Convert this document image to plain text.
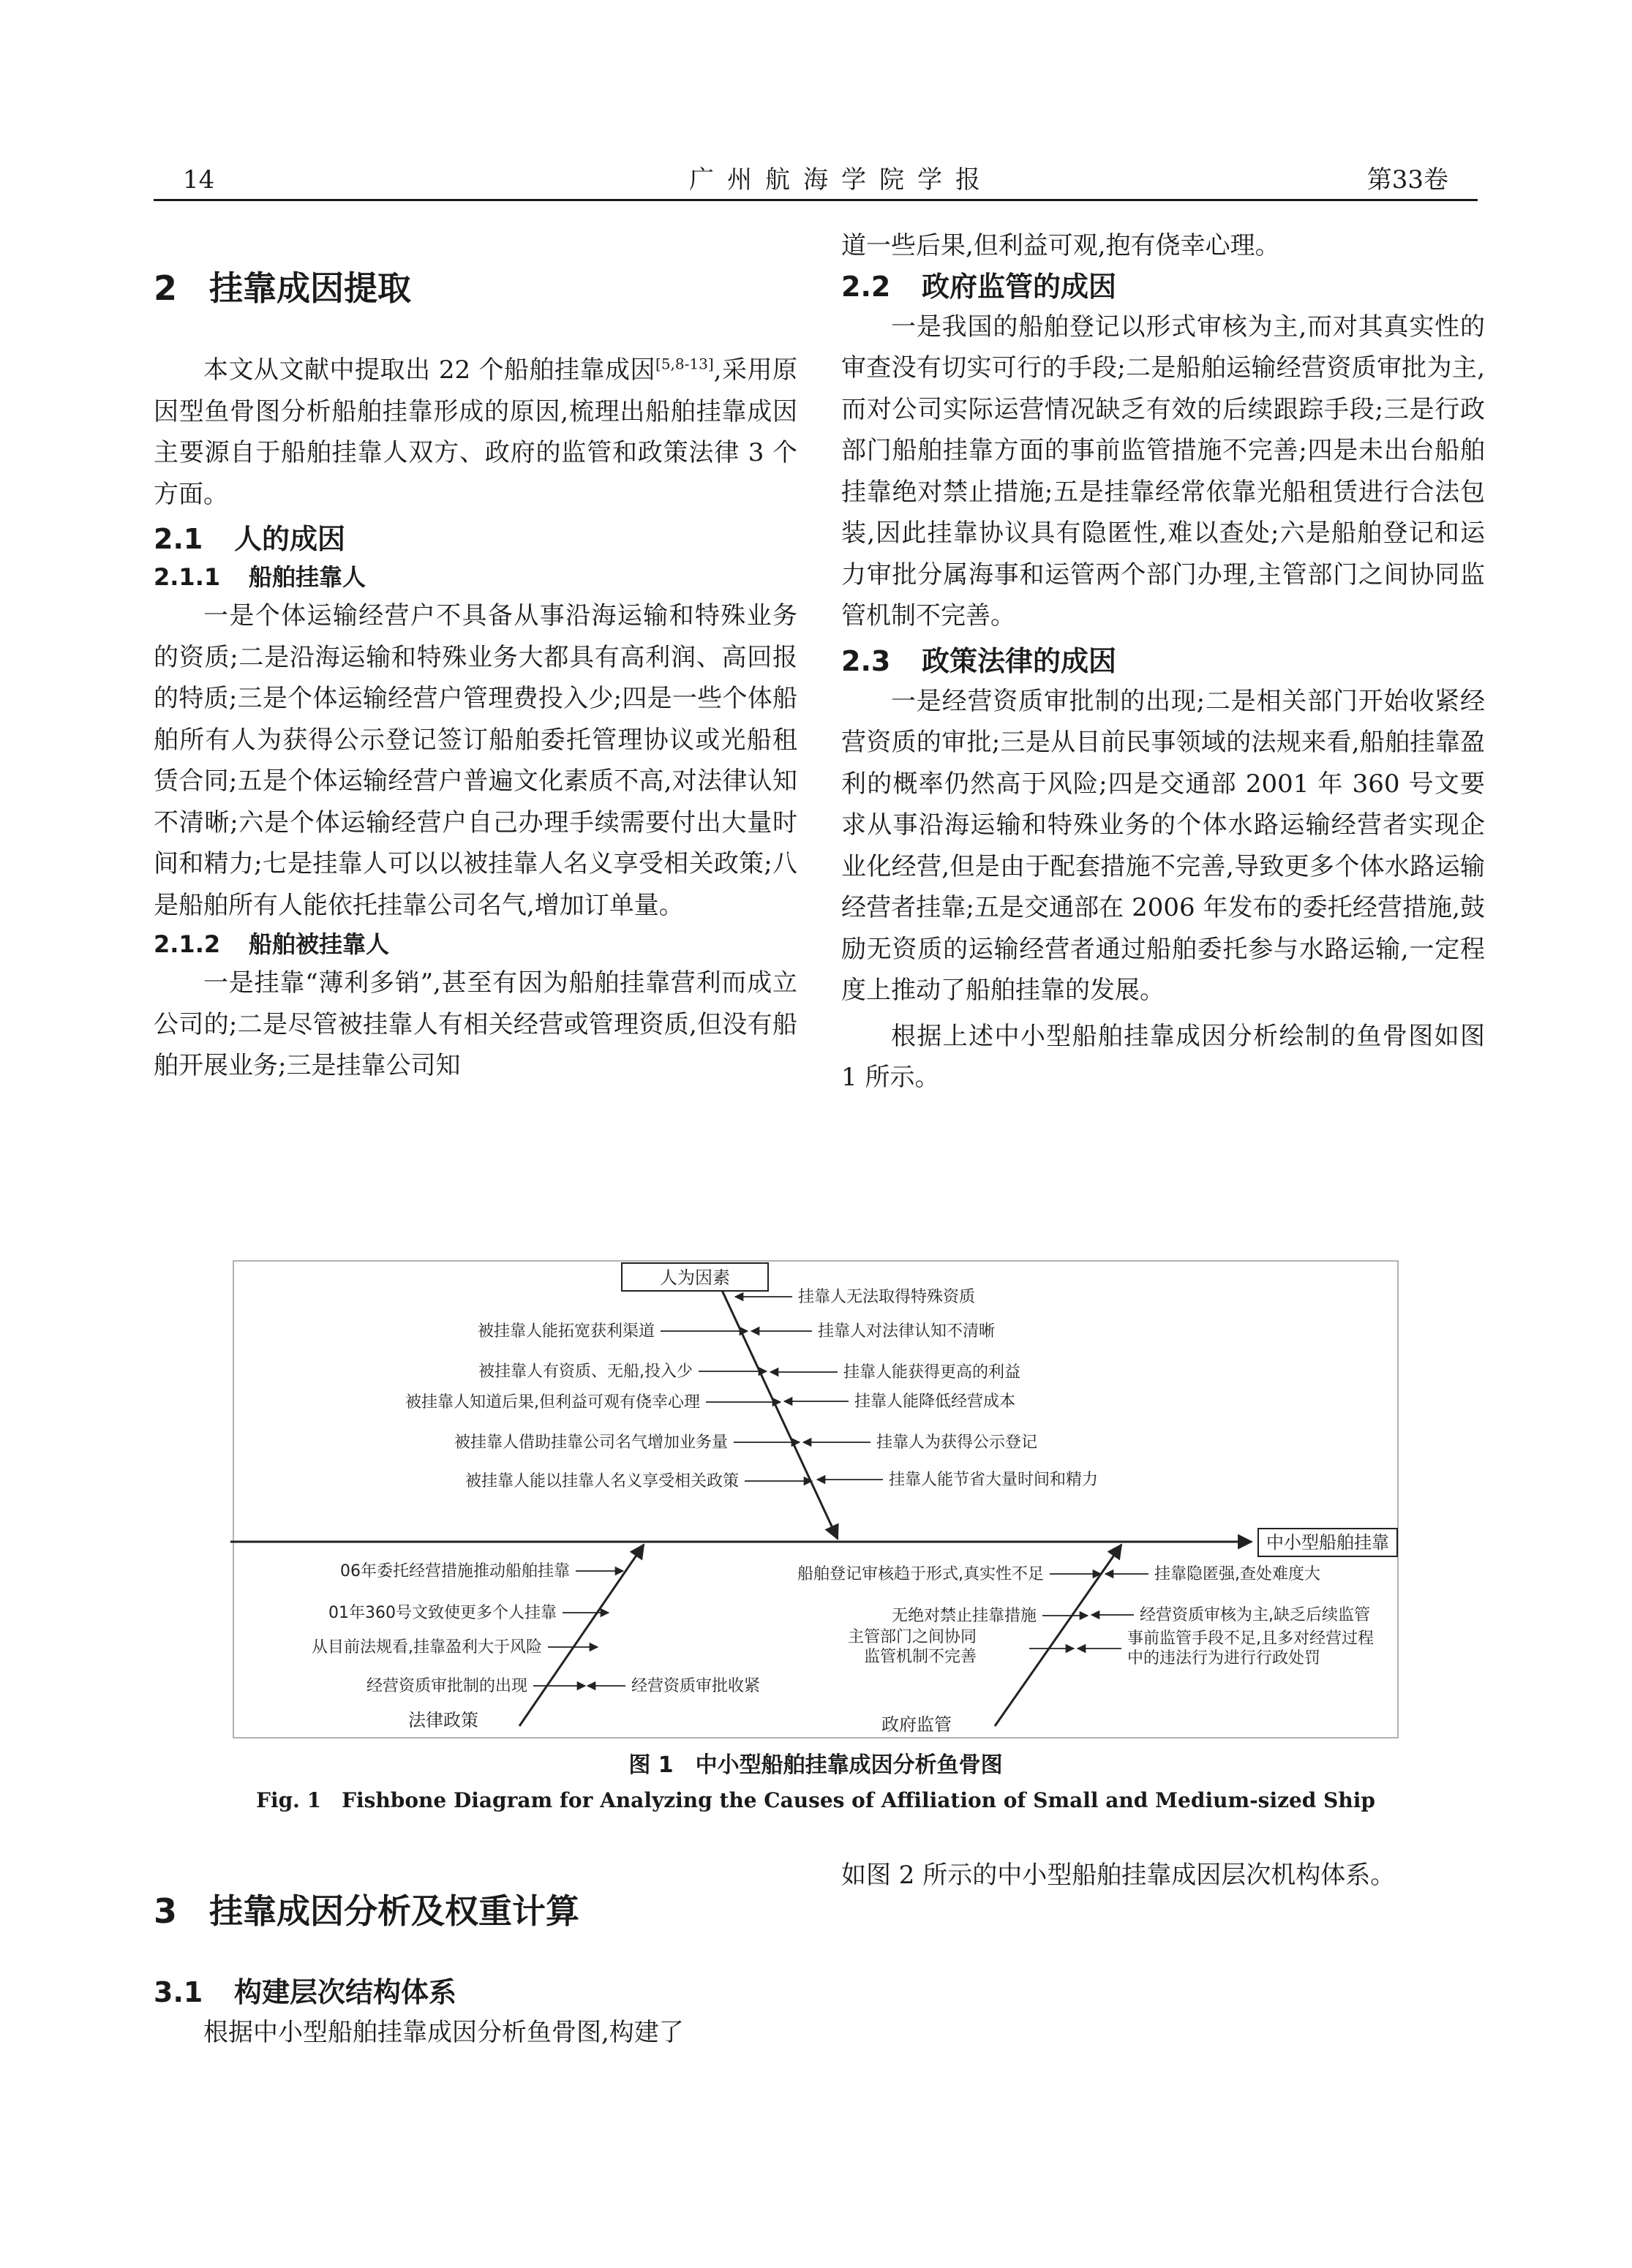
14	广州航海学院学报	第33卷
2 挂靠成因提取

本文从文献中提取出 22 个船舶挂靠成因[5,8-13],采用原因型鱼骨图分析船舶挂靠形成的原因,梳理出船舶挂靠成因主要源自于船舶挂靠人双方、政府的监管和政策法律 3 个方面。

2.1 人的成因
2.1.1 船舶挂靠人

一是个体运输经营户不具备从事沿海运输和特殊业务的资质;二是沿海运输和特殊业务大都具有高利润、高回报的特质;三是个体运输经营户管理费投入少;四是一些个体船舶所有人为获得公示登记签订船舶委托管理协议或光船租赁合同;五是个体运输经营户普遍文化素质不高,对法律认知不清晰;六是个体运输经营户自己办理手续需要付出大量时间和精力;七是挂靠人可以以被挂靠人名义享受相关政策;八是船舶所有人能依托挂靠公司名气,增加订单量。

2.1.2 船舶被挂靠人

一是挂靠“薄利多销”,甚至有因为船舶挂靠营利而成立公司的;二是尽管被挂靠人有相关经营或管理资质,但没有船舶开展业务;三是挂靠公司知

道一些后果,但利益可观,抱有侥幸心理。

2.2 政府监管的成因

一是我国的船舶登记以形式审核为主,而对其真实性的审查没有切实可行的手段;二是船舶运输经营资质审批为主,而对公司实际运营情况缺乏有效的后续跟踪手段;三是行政部门船舶挂靠方面的事前监管措施不完善;四是未出台船舶挂靠绝对禁止措施;五是挂靠经常依靠光船租赁进行合法包装,因此挂靠协议具有隐匿性,难以查处;六是船舶登记和运力审批分属海事和运管两个部门办理,主管部门之间协同监管机制不完善。

2.3 政策法律的成因

一是经营资质审批制的出现;二是相关部门开始收紧经营资质的审批;三是从目前民事领域的法规来看,船舶挂靠盈利的概率仍然高于风险;四是交通部 2001 年 360 号文要求从事沿海运输和特殊业务的个体水路运输经营者实现企业化经营,但是由于配套措施不完善,导致更多个体水路运输经营者挂靠;五是交通部在 2006 年发布的委托经营措施,鼓励无资质的运输经营者通过船舶委托参与水路运输,一定程度上推动了船舶挂靠的发展。

根据上述中小型船舶挂靠成因分析绘制的鱼骨图如图 1 所示。

中小型船舶挂靠
人为因素
被挂靠人能拓宽获利渠道
被挂靠人有资质、无船,投入少
被挂靠人知道后果,但利益可观有侥幸心理
被挂靠人借助挂靠公司名气增加业务量
被挂靠人能以挂靠人名义享受相关政策
挂靠人无法取得特殊资质
挂靠人对法律认知不清晰
挂靠人能获得更高的利益
挂靠人能降低经营成本
挂靠人为获得公示登记
挂靠人能节省大量时间和精力
法律政策
06年委托经营措施推动船舶挂靠
01年360号文致使更多个人挂靠
从目前法规看,挂靠盈利大于风险
经营资质审批制的出现	经营资质审批收紧
政府监管
船舶登记审核趋于形式,真实性不足
无绝对禁止挂靠措施
主管部门之间协同
监管机制不完善
挂靠隐匿强,查处难度大
经营资质审核为主,缺乏后续监管
事前监管手段不足,且多对经营过程
中的违法行为进行行政处罚
图 1　中小型船舶挂靠成因分析鱼骨图
Fig. 1　Fishbone Diagram for Analyzing the Causes of Affiliation of Small and Medium-sized Ship

如图 2 所示的中小型船舶挂靠成因层次机构体系。

3 挂靠成因分析及权重计算
3.1 构建层次结构体系

根据中小型船舶挂靠成因分析鱼骨图,构建了
